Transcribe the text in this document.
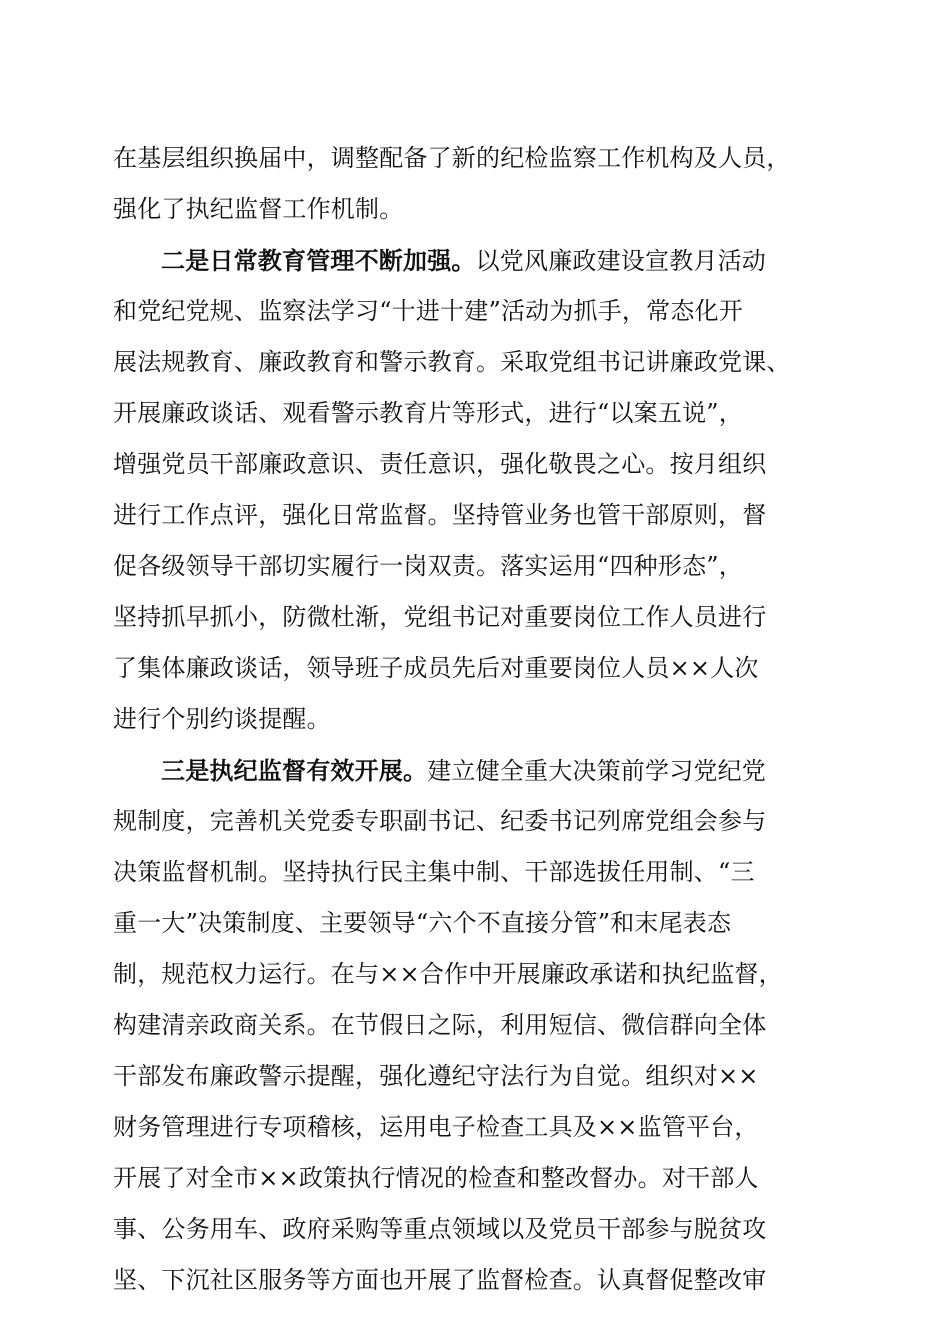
在基层组织换届中，调整配备了新的纪检监察工作机构及人员，
强化了执纪监督工作机制。
二是日常教育管理不断加强。以党风廉政建设宣教月活动
和党纪党规、监察法学习“十进十建”活动为抓手，常态化开
展法规教育、廉政教育和警示教育。采取党组书记讲廉政党课、
开展廉政谈话、观看警示教育片等形式，进行“以案五说”，
增强党员干部廉政意识、责任意识，强化敬畏之心。按月组织
进行工作点评，强化日常监督。坚持管业务也管干部原则，督
促各级领导干部切实履行一岗双责。落实运用“四种形态”，
坚持抓早抓小，防微杜渐，党组书记对重要岗位工作人员进行
了集体廉政谈话，领导班子成员先后对重要岗位人员××人次
进行个别约谈提醒。
三是执纪监督有效开展。建立健全重大决策前学习党纪党
规制度，完善机关党委专职副书记、纪委书记列席党组会参与
决策监督机制。坚持执行民主集中制、干部选拔任用制、“三
重一大”决策制度、主要领导“六个不直接分管”和末尾表态
制，规范权力运行。在与××合作中开展廉政承诺和执纪监督，
构建清亲政商关系。在节假日之际，利用短信、微信群向全体
干部发布廉政警示提醒，强化遵纪守法行为自觉。组织对××
财务管理进行专项稽核，运用电子检查工具及××监管平台，
开展了对全市××政策执行情况的检查和整改督办。对干部人
事、公务用车、政府采购等重点领域以及党员干部参与脱贫攻
坚、下沉社区服务等方面也开展了监督检查。认真督促整改审
